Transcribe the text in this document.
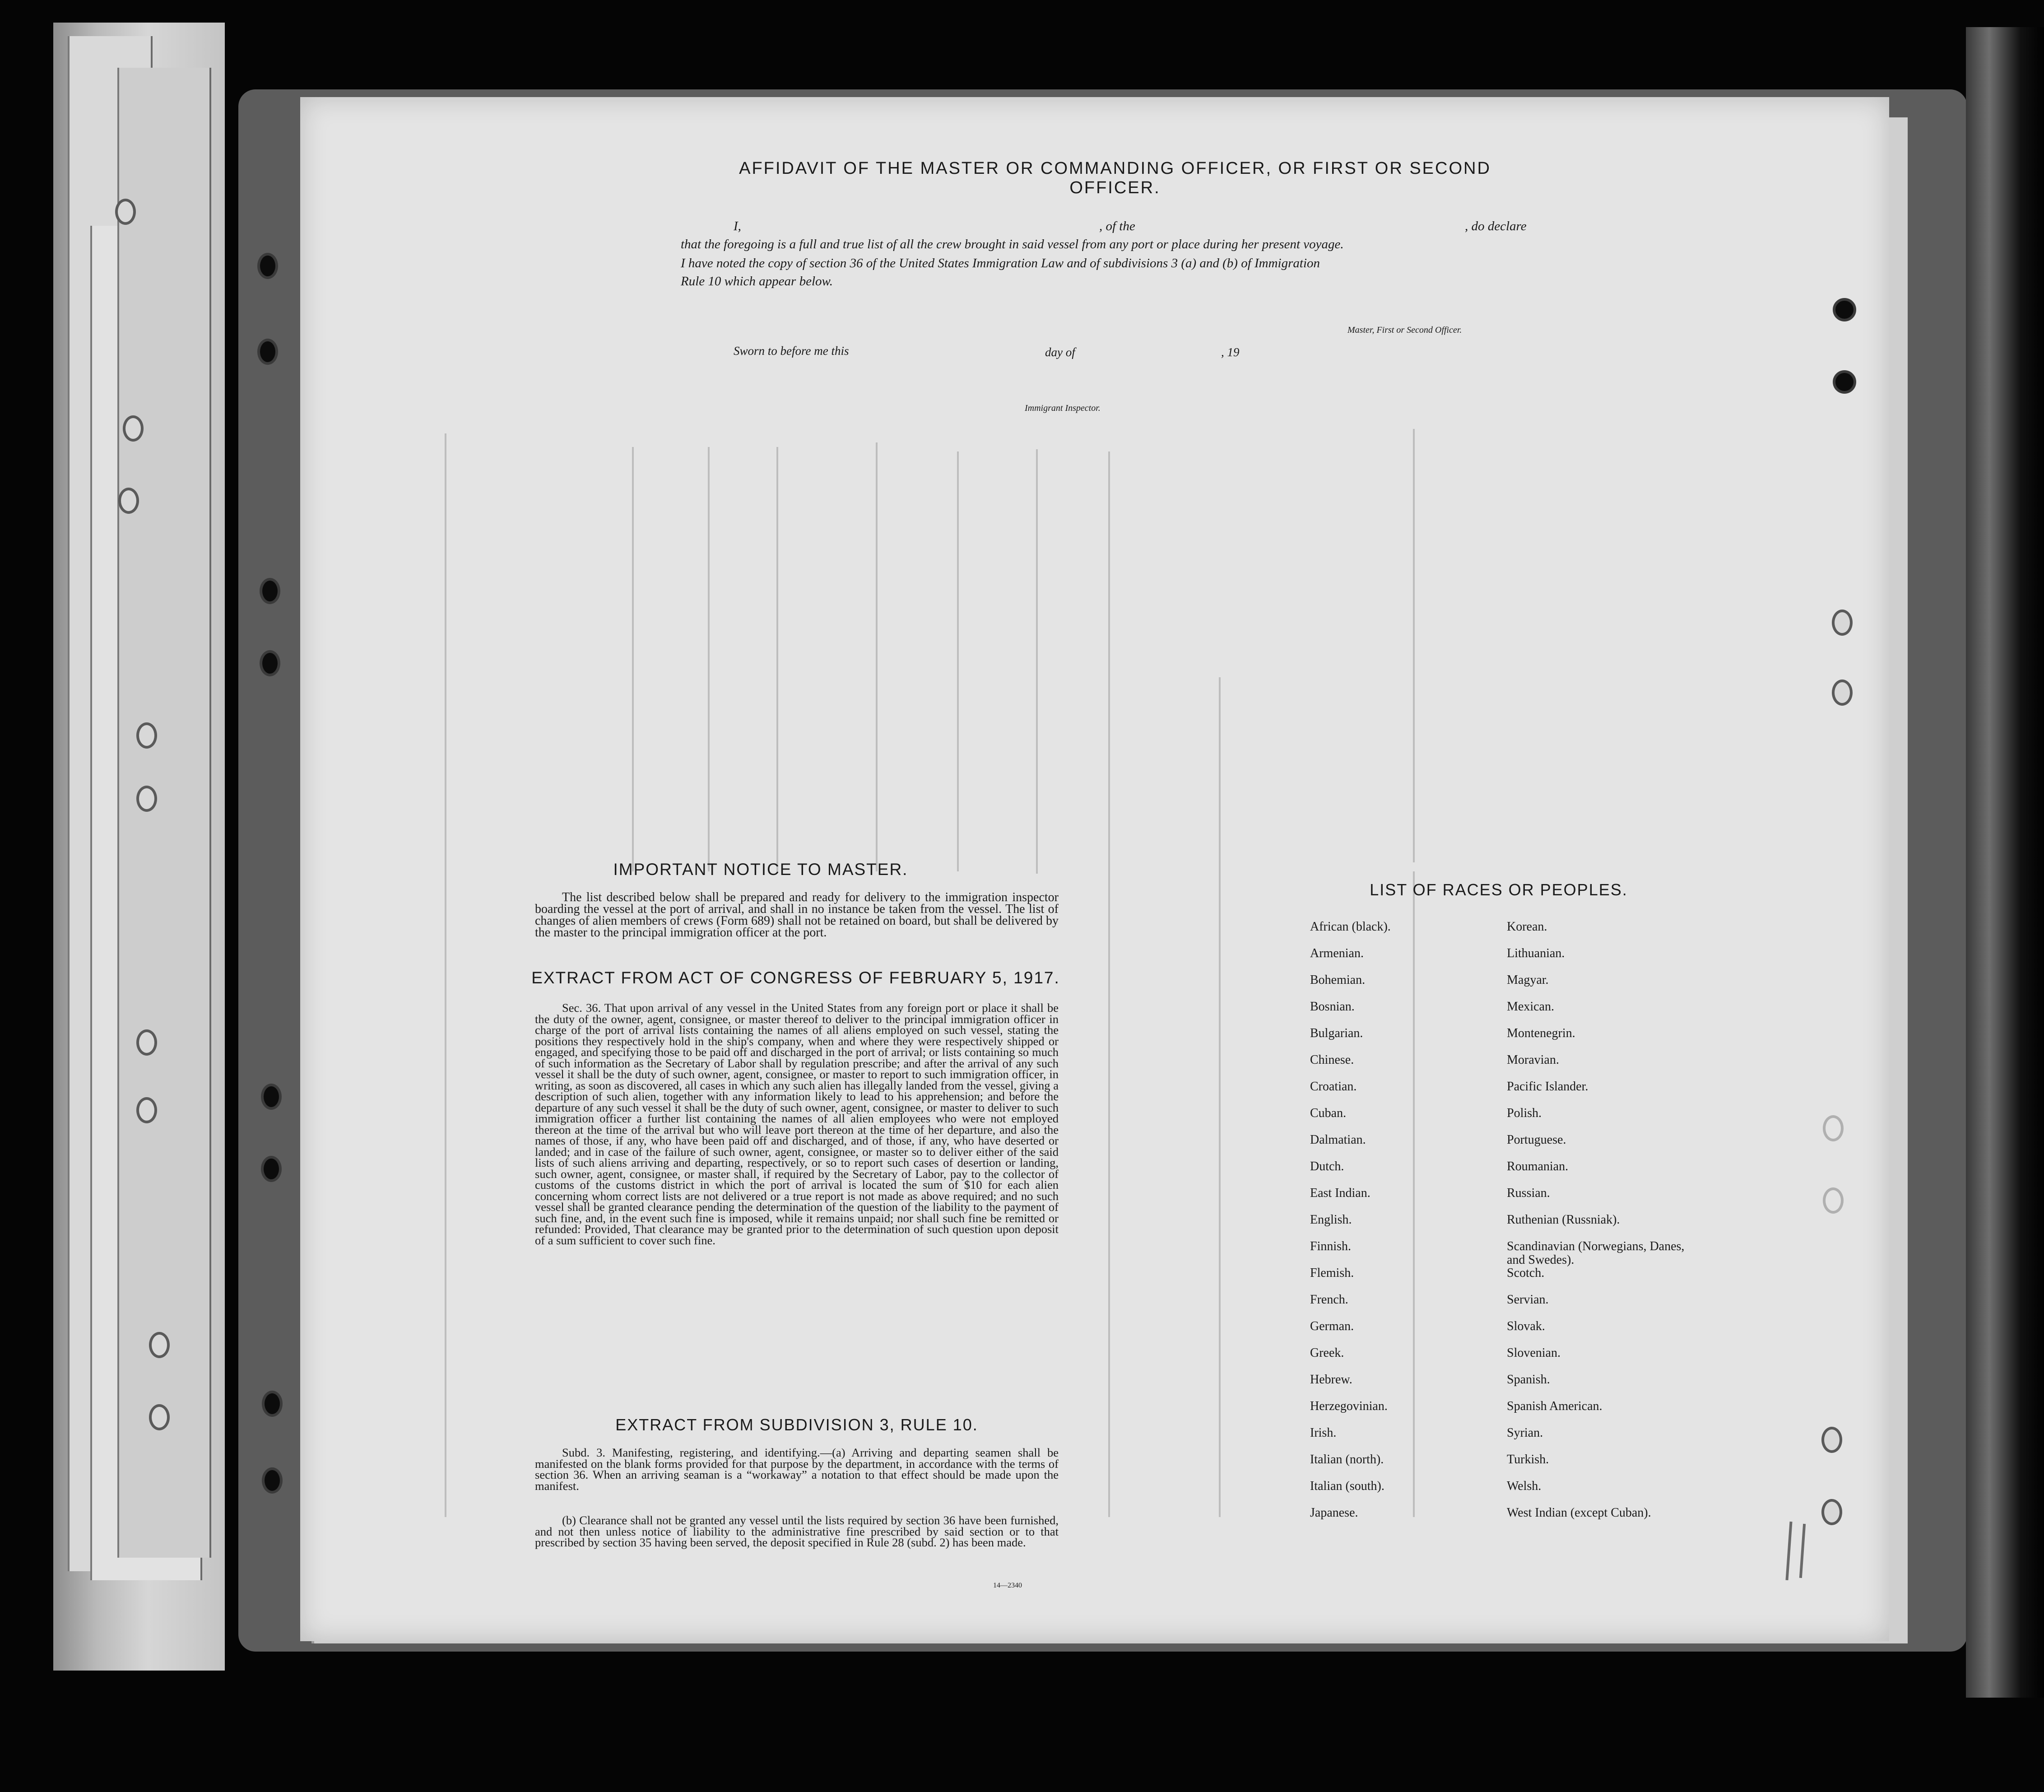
AFFIDAVIT OF THE MASTER OR COMMANDING OFFICER, OR FIRST OR SECOND OFFICER.
I,	, of the	, do declare
that the foregoing is a full and true list of all the crew brought in said vessel from any port or place during her present voyage.
I have noted the copy of section 36 of the United States Immigration Law and of subdivisions 3 (a) and (b) of Immigration
Rule 10 which appear below.
Master, First or Second Officer.
Sworn to before me this	day of	, 19
Immigrant Inspector.
IMPORTANT NOTICE TO MASTER.
The list described below shall be prepared and ready for delivery to the immigration inspector boarding the vessel at the port of arrival, and shall in no instance be taken from the vessel. The list of changes of alien members of crews (Form 689) shall not be retained on board, but shall be delivered by the master to the principal immigration officer at the port.
EXTRACT FROM ACT OF CONGRESS OF FEBRUARY 5, 1917.
Sec. 36. That upon arrival of any vessel in the United States from any foreign port or place it shall be the duty of the owner, agent, consignee, or master thereof to deliver to the principal immigration officer in charge of the port of arrival lists containing the names of all aliens employed on such vessel, stating the positions they respectively hold in the ship's company, when and where they were respectively shipped or engaged, and specifying those to be paid off and discharged in the port of arrival; or lists containing so much of such information as the Secretary of Labor shall by regulation prescribe; and after the arrival of any such vessel it shall be the duty of such owner, agent, consignee, or master to report to such immigration officer, in writing, as soon as discovered, all cases in which any such alien has illegally landed from the vessel, giving a description of such alien, together with any information likely to lead to his apprehension; and before the departure of any such vessel it shall be the duty of such owner, agent, consignee, or master to deliver to such immigration officer a further list containing the names of all alien employees who were not employed thereon at the time of the arrival but who will leave port thereon at the time of her departure, and also the names of those, if any, who have been paid off and discharged, and of those, if any, who have deserted or landed; and in case of the failure of such owner, agent, consignee, or master so to deliver either of the said lists of such aliens arriving and departing, respectively, or so to report such cases of desertion or landing, such owner, agent, consignee, or master shall, if required by the Secretary of Labor, pay to the collector of customs of the customs district in which the port of arrival is located the sum of $10 for each alien concerning whom correct lists are not delivered or a true report is not made as above required; and no such vessel shall be granted clearance pending the determination of the question of the liability to the payment of such fine, and, in the event such fine is imposed, while it remains unpaid; nor shall such fine be remitted or refunded: Provided, That clearance may be granted prior to the determination of such question upon deposit of a sum sufficient to cover such fine.
EXTRACT FROM SUBDIVISION 3, RULE 10.
Subd. 3. Manifesting, registering, and identifying.—(a) Arriving and departing seamen shall be manifested on the blank forms provided for that purpose by the department, in accordance with the terms of section 36. When an arriving seaman is a “workaway” a notation to that effect should be made upon the manifest.
(b) Clearance shall not be granted any vessel until the lists required by section 36 have been furnished, and not then unless notice of liability to the administrative fine prescribed by said section or to that prescribed by section 35 having been served, the deposit specified in Rule 28 (subd. 2) has been made.
14—2340
LIST OF RACES OR PEOPLES.
African (black).
Armenian.
Bohemian.
Bosnian.
Bulgarian.
Chinese.
Croatian.
Cuban.
Dalmatian.
Dutch.
East Indian.
English.
Finnish.
Flemish.
French.
German.
Greek.
Hebrew.
Herzegovinian.
Irish.
Italian (north).
Italian (south).
Japanese.
Korean.
Lithuanian.
Magyar.
Mexican.
Montenegrin.
Moravian.
Pacific Islander.
Polish.
Portuguese.
Roumanian.
Russian.
Ruthenian (Russniak).
Scandinavian (Norwegians, Danes, and Swedes).
Scotch.
Servian.
Slovak.
Slovenian.
Spanish.
Spanish American.
Syrian.
Turkish.
Welsh.
West Indian (except Cuban).
